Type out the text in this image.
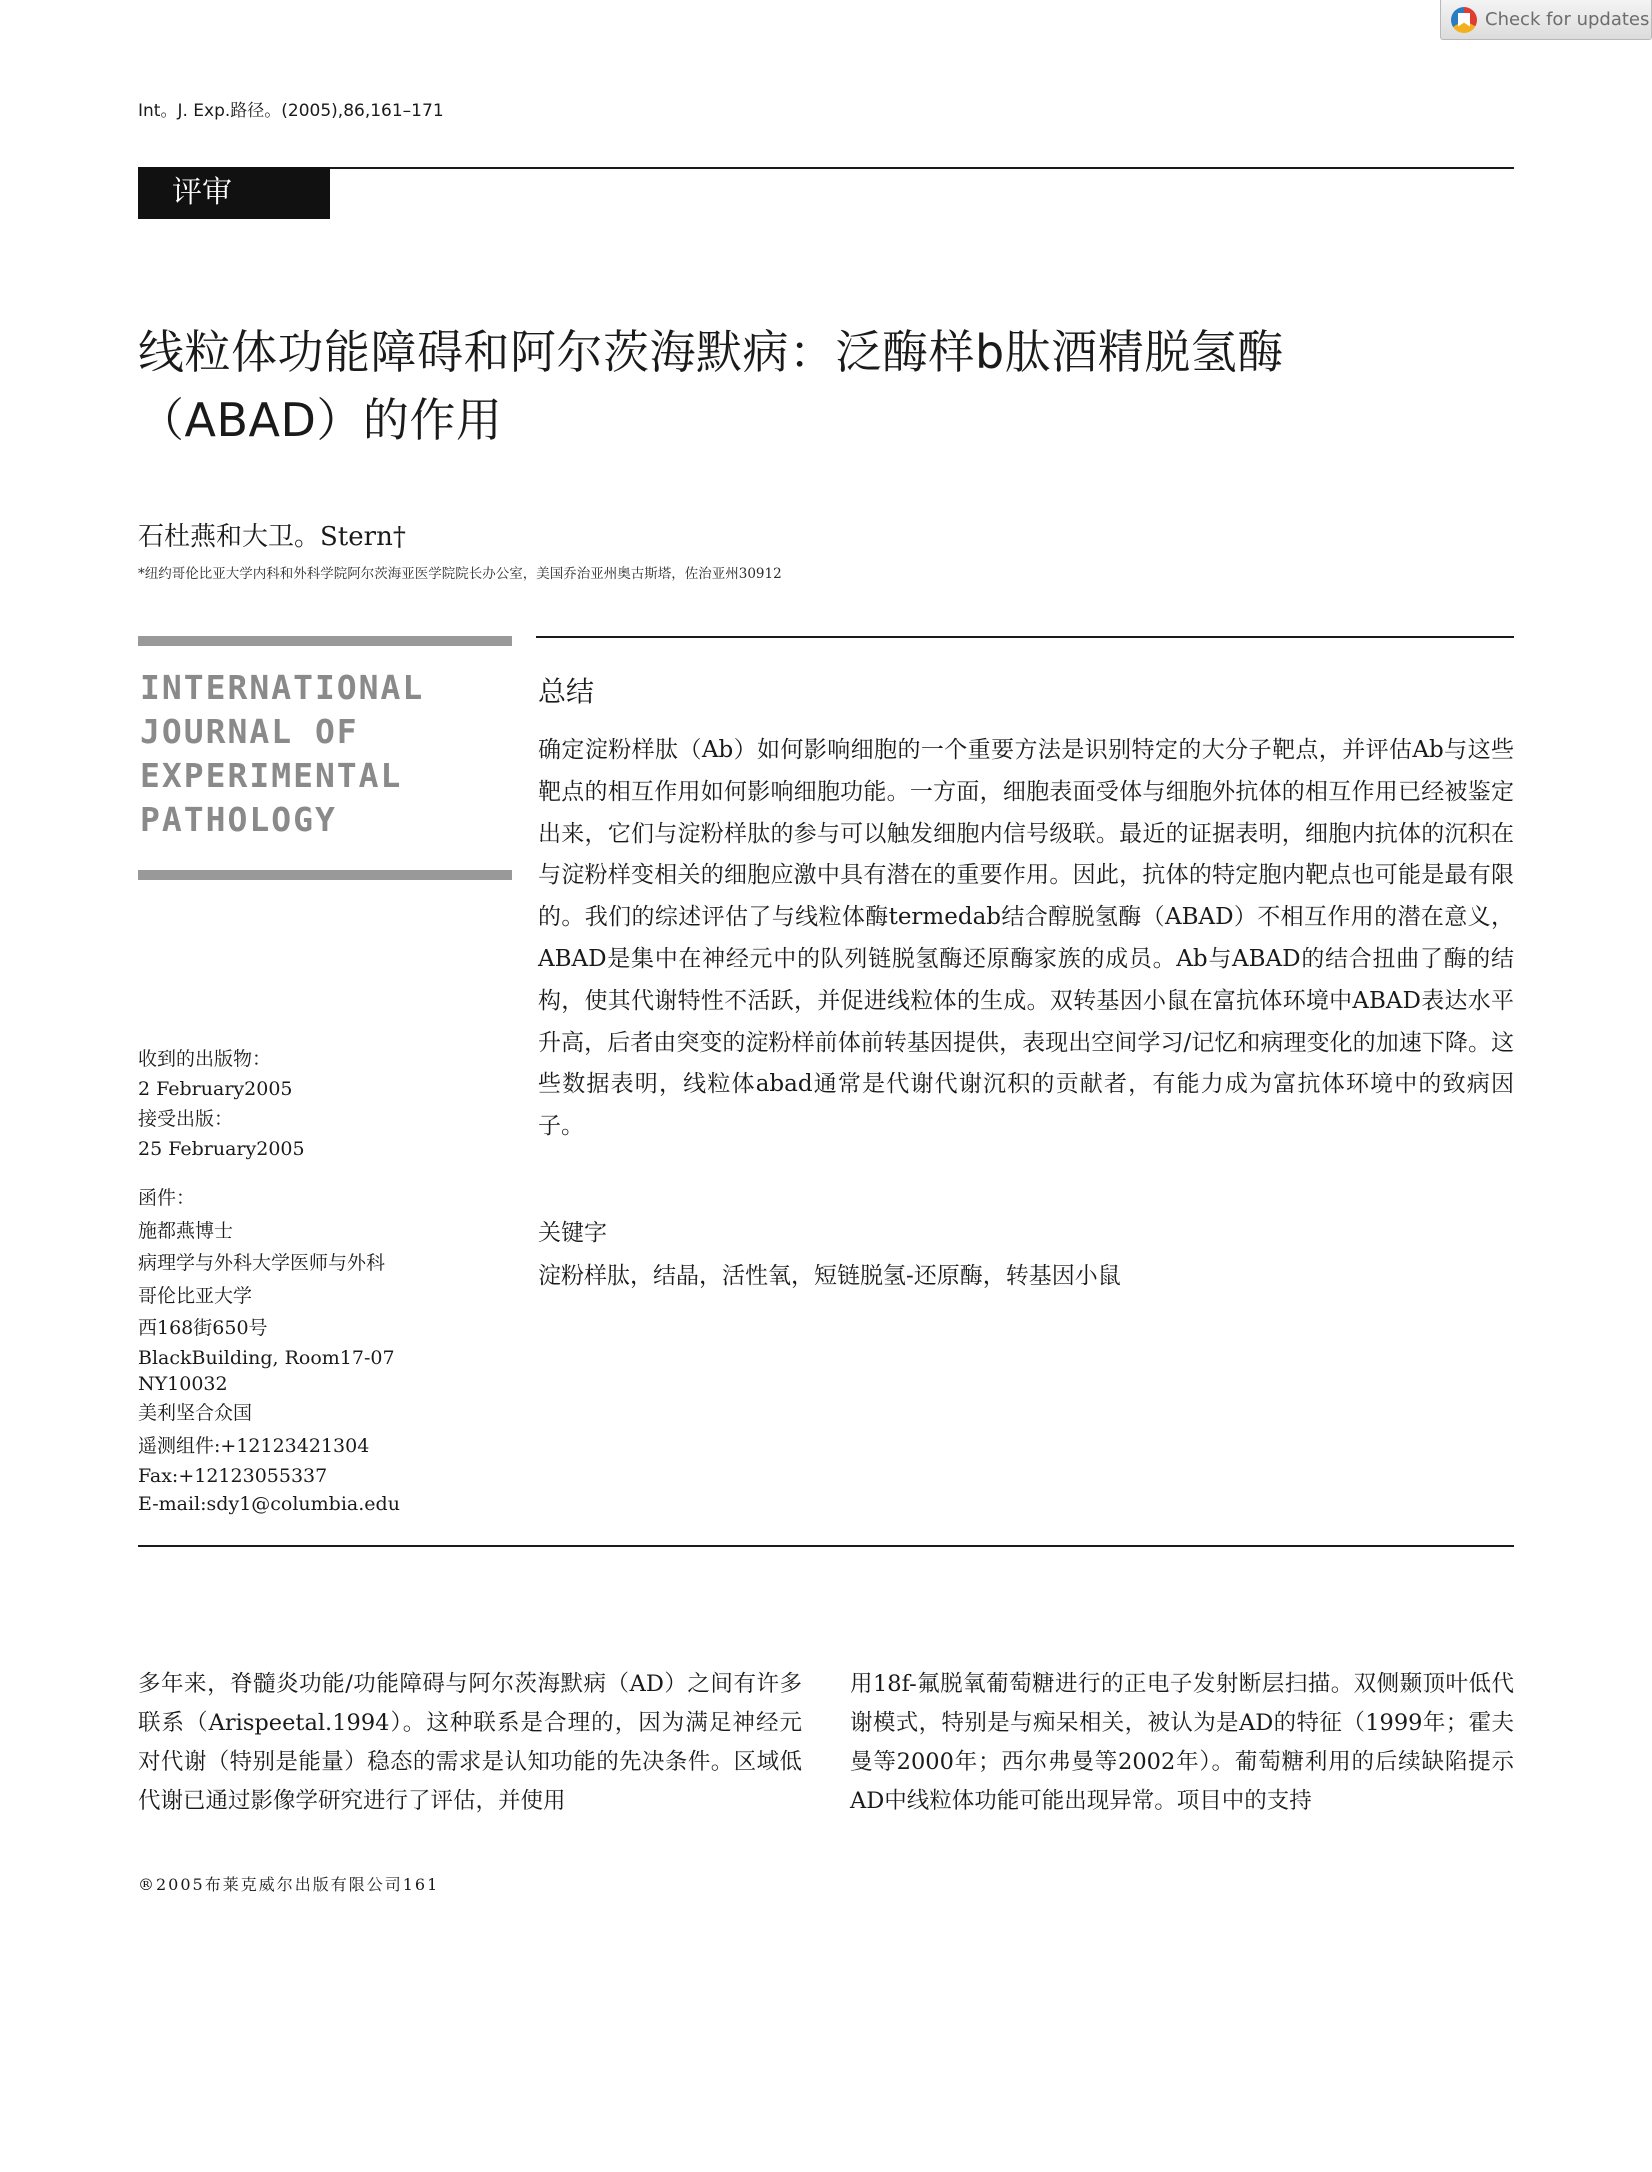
Check for updates
Int。J. Exp.路径。(2005),86,161–171
评审
线粒体功能障碍和阿尔茨海默病：泛酶样b肽酒精脱氢酶（ABAD）的作用
石杜燕和大卫。Stern†
*纽约哥伦比亚大学内科和外科学院阿尔茨海亚医学院院长办公室，美国乔治亚州奥古斯塔，佐治亚州30912
INTERNATIONAL
JOURNAL OF
EXPERIMENTAL
PATHOLOGY
收到的出版物：
2 February2005
接受出版：
25 February2005
函件：
施都燕博士
病理学与外科大学医师与外科
哥伦比亚大学
西168街650号
BlackBuilding, Room17-07
NY10032
美利坚合众国
遥测组件:+12123421304
Fax:+12123055337
E-mail:sdy1@columbia.edu
总结

确定淀粉样肽（Ab）如何影响细胞的一个重要方法是识别特定的大分子靶点，并评估Ab与这些靶点的相互作用如何影响细胞功能。一方面，细胞表面受体与细胞外抗体的相互作用已经被鉴定出来，它们与淀粉样肽的参与可以触发细胞内信号级联。最近的证据表明，细胞内抗体的沉积在与淀粉样变相关的细胞应激中具有潜在的重要作用。因此，抗体的特定胞内靶点也可能是最有限的。我们的综述评估了与线粒体酶termedab结合醇脱氢酶（ABAD）不相互作用的潜在意义，ABAD是集中在神经元中的队列链脱氢酶还原酶家族的成员。Ab与ABAD的结合扭曲了酶的结构，使其代谢特性不活跃，并促进线粒体的生成。双转基因小鼠在富抗体环境中ABAD表达水平升高，后者由突变的淀粉样前体前转基因提供，表现出空间学习/记忆和病理变化的加速下降。这些数据表明，线粒体abad通常是代谢代谢沉积的贡献者，有能力成为富抗体环境中的致病因子。

关键字
淀粉样肽，结晶，活性氧，短链脱氢-还原酶，转基因小鼠

多年来，脊髓炎功能/功能障碍与阿尔茨海默病（AD）之间有许多联系（Arispeetal.1994）。这种联系是合理的，因为满足神经元对代谢（特别是能量）稳态的需求是认知功能的先决条件。区域低代谢已通过影像学研究进行了评估，并使用

用18f-氟脱氧葡萄糖进行的正电子发射断层扫描。双侧颞顶叶低代谢模式，特别是与痴呆相关，被认为是AD的特征（1999年；霍夫曼等2000年；西尔弗曼等2002年）。葡萄糖利用的后续缺陷提示AD中线粒体功能可能出现异常。项目中的支持

®2005布莱克威尔出版有限公司161
